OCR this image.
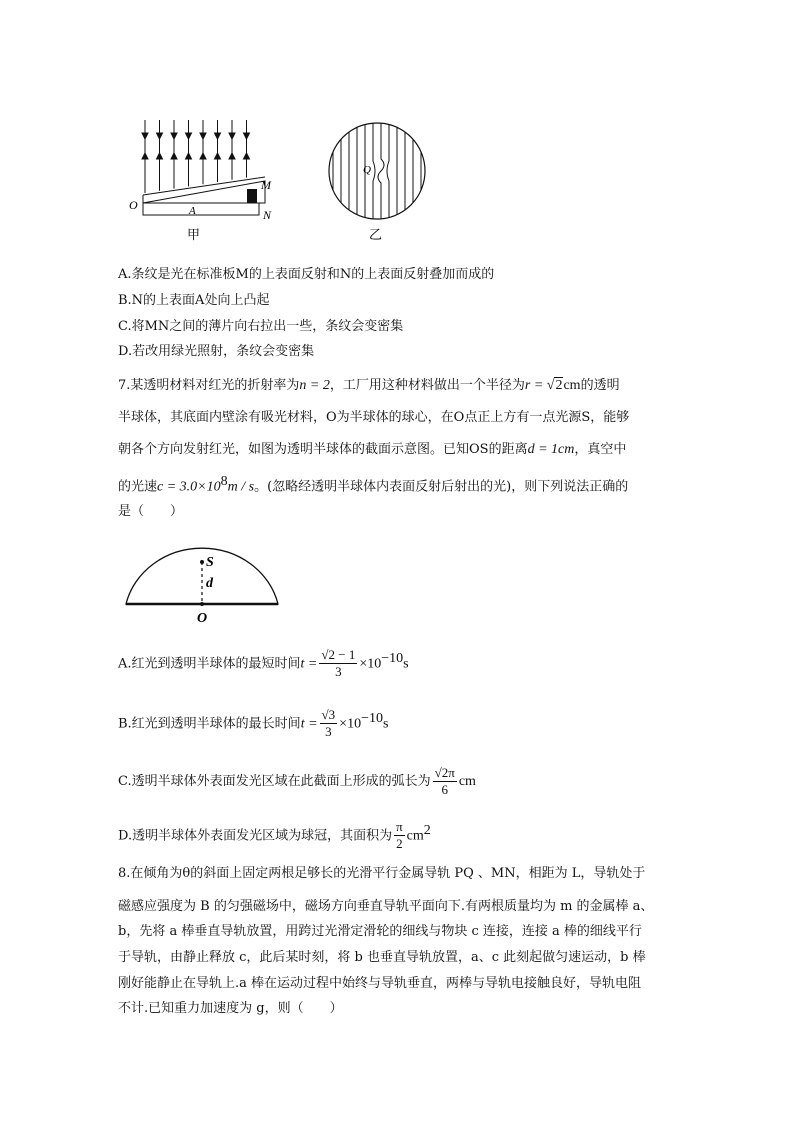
M
N
O	A
甲
Q
乙
A.条纹是光在标准板M的上表面反射和N的上表面反射叠加而成的
B.N的上表面A处向上凸起
C.将MN之间的薄片向右拉出一些，条纹会变密集
D.若改用绿光照射，条纹会变密集
7.某透明材料对红光的折射率为n = 2，工厂用这种材料做出一个半径为r = √2cm的透明
半球体，其底面内壁涂有吸光材料，O为半球体的球心，在O点正上方有一点光源S，能够
朝各个方向发射红光，如图为透明半球体的截面示意图。已知OS的距离d = 1cm，真空中
的光速$c = 3.0\times 10^8m / s$。(忽略经透明半球体内表面反射后射出的光)，则下列说法正确的
是（　　）
S
d
O
A.红光到透明半球体的最短时间$t = \frac{√2 - 1}{3} \times 10^{-10}s$
B.红光到透明半球体的最长时间$t = \frac{√3}{3} \times 10^{-10}s$
C.透明半球体外表面发光区域在此截面上形成的弧长为 $\frac{√2\pi}{6}$ cm
D.透明半球体外表面发光区域为球冠，其面积为 $\frac{\pi}{2} cm^2$
8.在倾角为θ的斜面上固定两根足够长的光滑平行金属导轨 PQ 、MN，相距为 L，导轨处于
磁感应强度为 B 的匀强磁场中，磁场方向垂直导轨平面向下.有两根质量均为 m 的金属棒 a、
b，先将 a 棒垂直导轨放置，用跨过光滑定滑轮的细线与物块 c 连接，连接 a 棒的细线平行
于导轨，由静止释放 c，此后某时刻，将 b 也垂直导轨放置，a、c 此刻起做匀速运动，b 棒
刚好能静止在导轨上.a 棒在运动过程中始终与导轨垂直，两棒与导轨电接触良好，导轨电阻
不计.已知重力加速度为 g，则（　　）
